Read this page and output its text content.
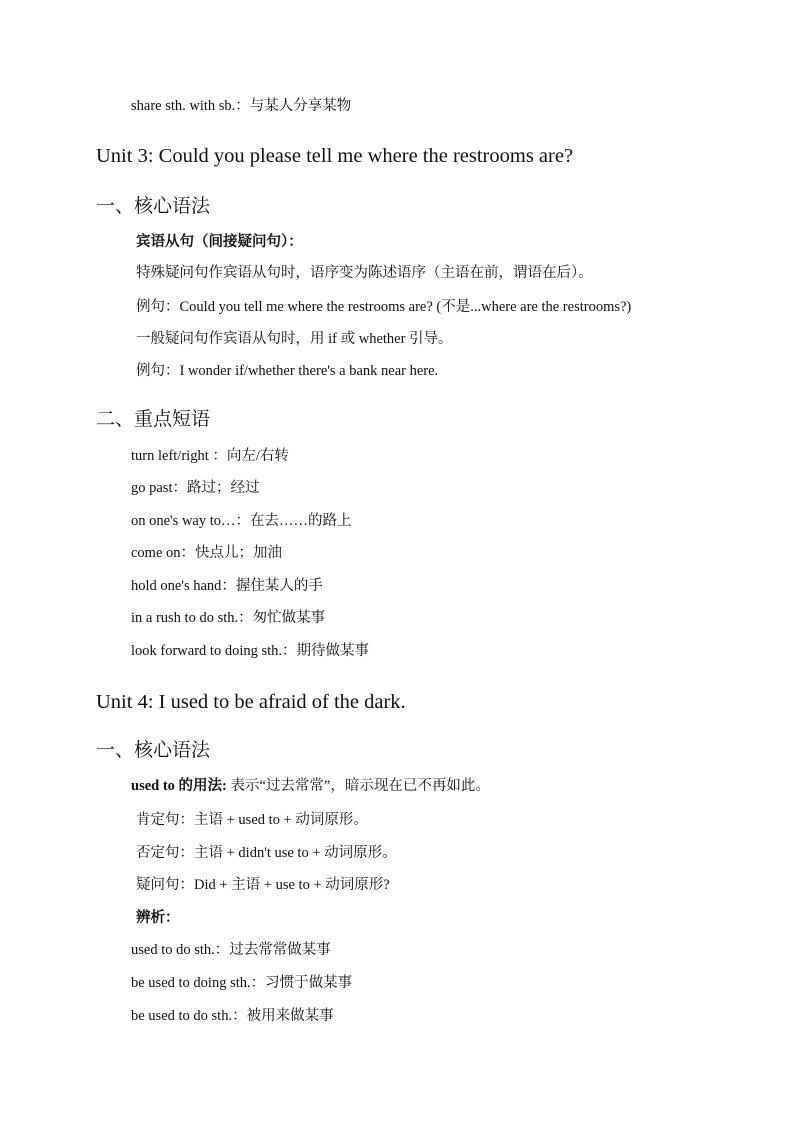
share sth. with sb.：与某人分享某物
Unit 3: Could you please tell me where the restrooms are?
一、核心语法
宾语从句（间接疑问句）：
特殊疑问句作宾语从句时，语序变为陈述语序（主语在前，谓语在后）。
例句：Could you tell me where the restrooms are? (不是...where are the restrooms?)
一般疑问句作宾语从句时，用 if 或 whether 引导。
例句：I wonder if/whether there's a bank near here.
二、重点短语
turn left/right ：向左/右转
go past：路过；经过
on one's way to…：在去……的路上
come on：快点儿；加油
hold one's hand：握住某人的手
in a rush to do sth.：匆忙做某事
look forward to doing sth.：期待做某事
Unit 4: I used to be afraid of the dark.
一、核心语法
used to 的用法: 表示“过去常常”，暗示现在已不再如此。
肯定句：主语 + used to + 动词原形。
否定句：主语 + didn't use to + 动词原形。
疑问句：Did + 主语 + use to + 动词原形?
辨析：
used to do sth.：过去常常做某事
be used to doing sth.：习惯于做某事
be used to do sth.：被用来做某事
